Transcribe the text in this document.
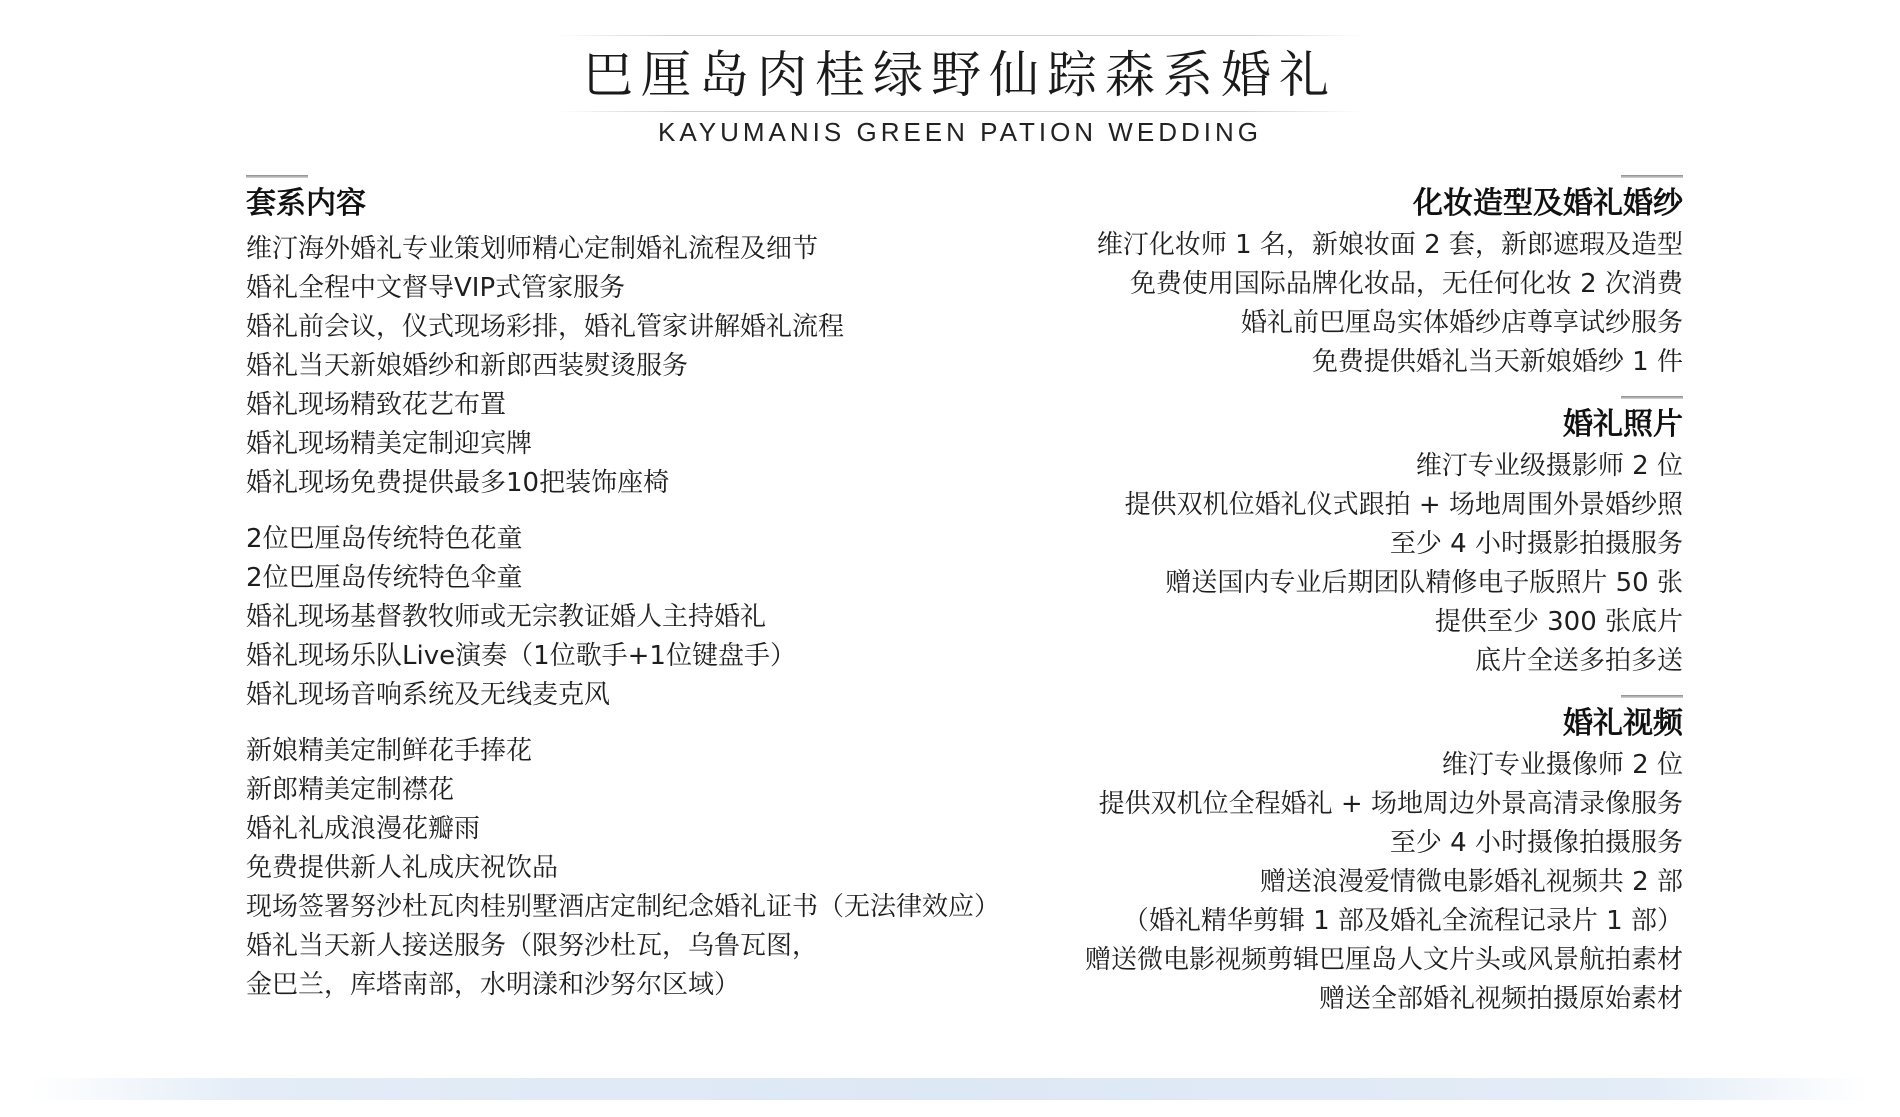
巴厘岛肉桂绿野仙踪森系婚礼
KAYUMANIS GREEN PATION WEDDING
套系内容
维汀海外婚礼专业策划师精心定制婚礼流程及细节
婚礼全程中文督导VIP式管家服务
婚礼前会议，仪式现场彩排，婚礼管家讲解婚礼流程
婚礼当天新娘婚纱和新郎西装熨烫服务
婚礼现场精致花艺布置
婚礼现场精美定制迎宾牌
婚礼现场免费提供最多10把装饰座椅
2位巴厘岛传统特色花童
2位巴厘岛传统特色伞童
婚礼现场基督教牧师或无宗教证婚人主持婚礼
婚礼现场乐队Live演奏（1位歌手+1位键盘手）
婚礼现场音响系统及无线麦克风
新娘精美定制鲜花手捧花
新郎精美定制襟花
婚礼礼成浪漫花瓣雨
免费提供新人礼成庆祝饮品
现场签署努沙杜瓦肉桂别墅酒店定制纪念婚礼证书（无法律效应）
婚礼当天新人接送服务（限努沙杜瓦，乌鲁瓦图，
金巴兰，库塔南部，水明漾和沙努尔区域）
化妆造型及婚礼婚纱
维汀化妆师 1 名，新娘妆面 2 套，新郎遮瑕及造型
免费使用国际品牌化妆品，无任何化妆 2 次消费
婚礼前巴厘岛实体婚纱店尊享试纱服务
免费提供婚礼当天新娘婚纱 1 件
婚礼照片
维汀专业级摄影师 2 位
提供双机位婚礼仪式跟拍 + 场地周围外景婚纱照
至少 4 小时摄影拍摄服务
赠送国内专业后期团队精修电子版照片 50 张
提供至少 300 张底片
底片全送多拍多送
婚礼视频
维汀专业摄像师 2 位
提供双机位全程婚礼 + 场地周边外景高清录像服务
至少 4 小时摄像拍摄服务
赠送浪漫爱情微电影婚礼视频共 2 部
（婚礼精华剪辑 1 部及婚礼全流程记录片 1 部）
赠送微电影视频剪辑巴厘岛人文片头或风景航拍素材
赠送全部婚礼视频拍摄原始素材
